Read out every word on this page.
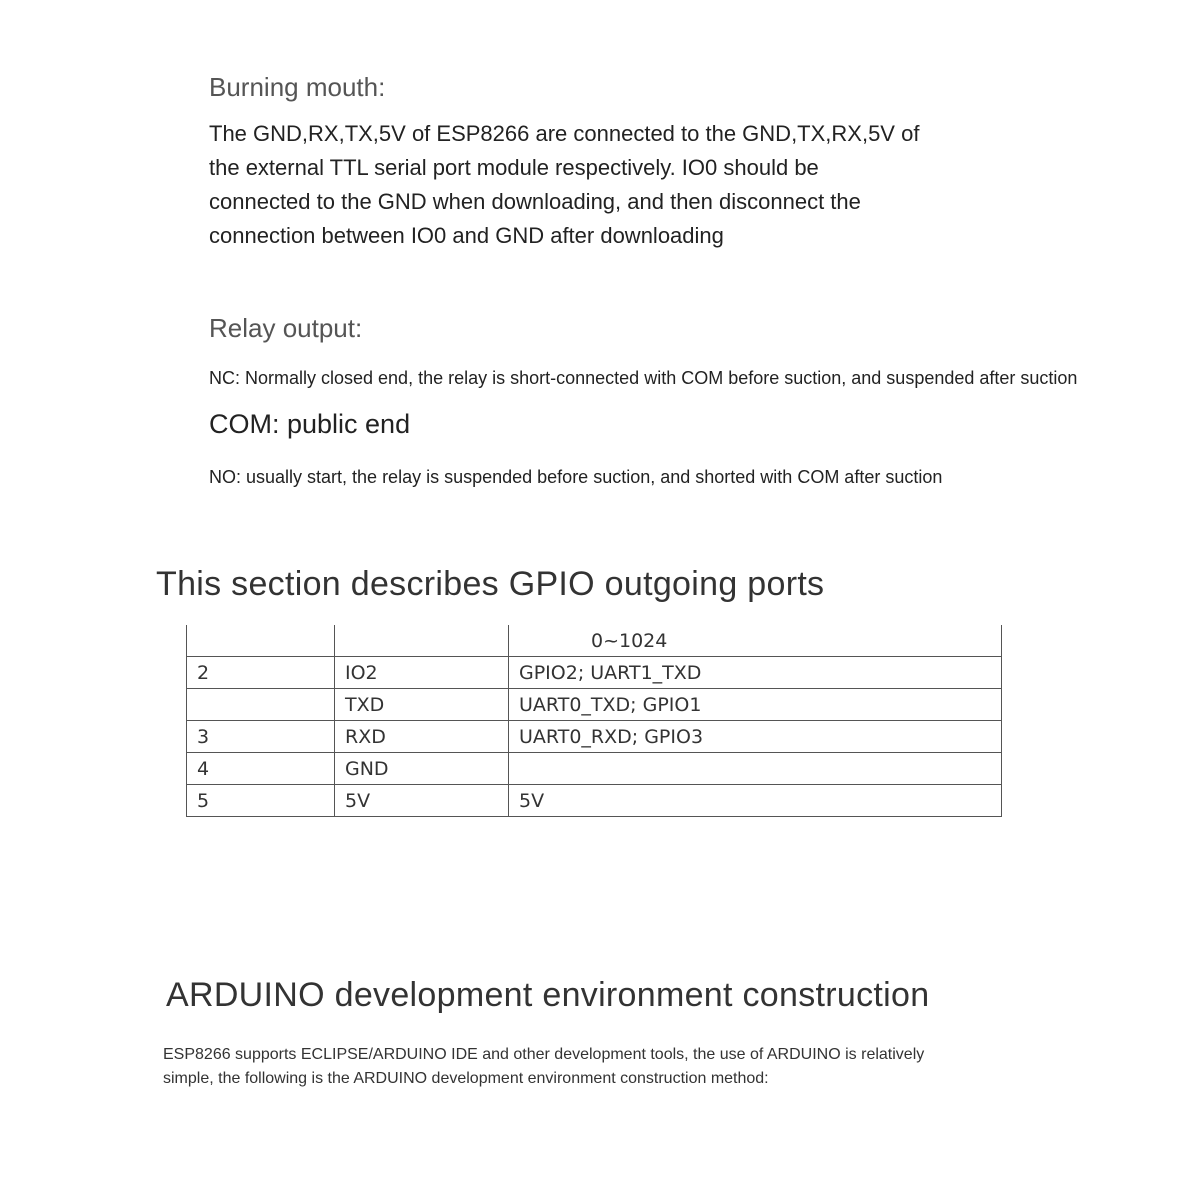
Burning mouth:
The GND,RX,TX,5V of ESP8266 are connected to the GND,TX,RX,5V of
the external TTL serial port module respectively. IO0 should be
connected to the GND when downloading, and then disconnect the
connection between IO0 and GND after downloading
Relay output:
NC: Normally closed end, the relay is short-connected with COM before suction, and suspended after suction
COM: public end
NO: usually start, the relay is suspended before suction, and shorted with COM after suction
This section describes GPIO outgoing ports
		0~1024
2	IO2	GPIO2; UART1_TXD
	TXD	UART0_TXD; GPIO1
3	RXD	UART0_RXD; GPIO3
4	GND	
5	5V	5V
ARDUINO development environment construction
ESP8266 supports ECLIPSE/ARDUINO IDE and other development tools, the use of ARDUINO is relatively
simple, the following is the ARDUINO development environment construction method:
